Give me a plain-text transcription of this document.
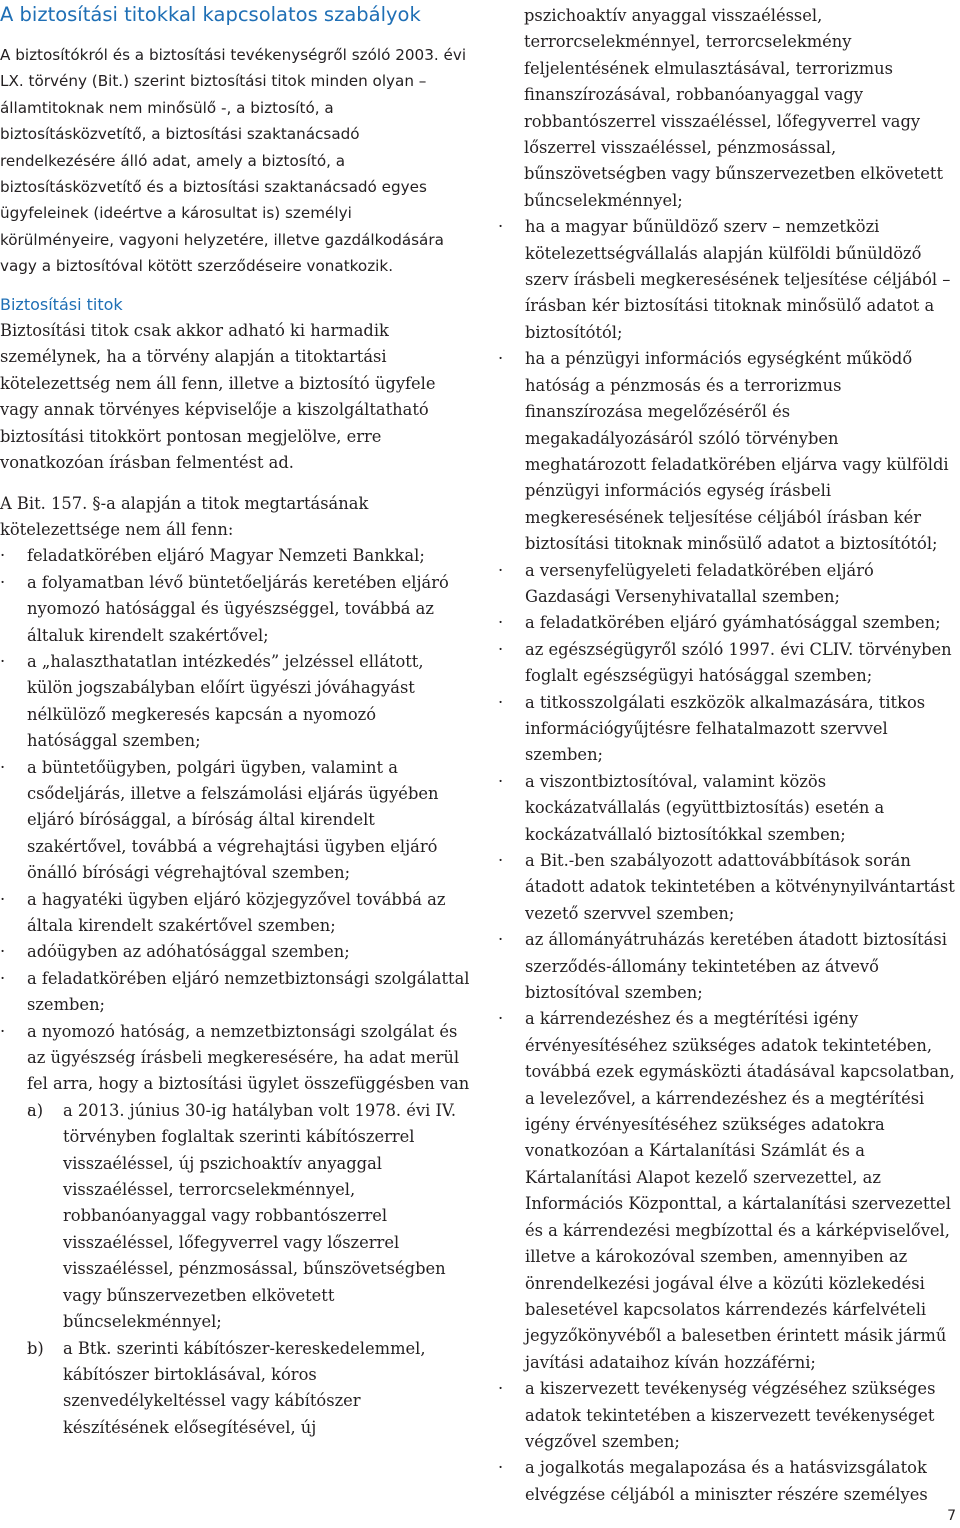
A biztosítási titokkal kapcsolatos szabályok

A biztosítókról és a biztosítási tevékenységről szóló 2003. évi LX. törvény (Bit.) szerint biztosítási titok minden olyan – államtitoknak nem minősülő -, a biztosító, a biztosításközvetítő, a biztosítási szaktanácsadó rendelkezésére álló adat, amely a biztosító, a biztosításközvetítő és a biztosítási szaktanácsadó egyes ügyfeleinek (ideértve a károsultat is) személyi körülményeire, vagyoni helyzetére, illetve gazdálkodására vagy a biztosítóval kötött szerződéseire vonatkozik.

Biztosítási titok

Biztosítási titok csak akkor adható ki harmadik személynek, ha a törvény alapján a titoktartási kötelezettség nem áll fenn, illetve a biztosító ügyfele vagy annak törvényes képviselője a kiszolgáltatható biztosítási titokkört pontosan megjelölve, erre vonatkozóan írásban felmentést ad.

A Bit. 157. §-a alapján a titok megtartásának kötelezettsége nem áll fenn:

· feladatkörében eljáró Magyar Nemzeti Bankkal;
· a folyamatban lévő büntetőeljárás keretében eljáró nyomozó hatósággal és ügyészséggel, továbbá az általuk kirendelt szakértővel;
· a „halaszthatatlan intézkedés” jelzéssel ellátott, külön jogszabályban előírt ügyészi jóváhagyást nélkülöző megkeresés kapcsán a nyomozó hatósággal szemben;
· a büntetőügyben, polgári ügyben, valamint a csődeljárás, illetve a felszámolási eljárás ügyében eljáró bírósággal, a bíróság által kirendelt szakértővel, továbbá a végrehajtási ügyben eljáró önálló bírósági végrehajtóval szemben;
· a hagyatéki ügyben eljáró közjegyzővel továbbá az általa kirendelt szakértővel szemben;
· adóügyben az adóhatósággal szemben;
· a feladatkörében eljáró nemzetbiztonsági szolgálattal szemben;
· a nyomozó hatóság, a nemzetbiztonsági szolgálat és az ügyészség írásbeli megkeresésére, ha adat merül fel arra, hogy a biztosítási ügylet összefüggésben van
· a) a 2013. június 30-ig hatályban volt 1978. évi IV. törvényben foglaltak szerinti kábítószerrel visszaéléssel, új pszichoaktív anyaggal visszaéléssel, terrorcselekménnyel, robbanóanyaggal vagy robbantószerrel visszaéléssel, lőfegyverrel vagy lőszerrel visszaéléssel, pénzmosással, bűnszövetségben vagy bűnszervezetben elkövetett bűncselekménnyel;
· b) a Btk. szerinti kábítószer-kereskedelemmel, kábítószer birtoklásával, kóros szenvedélykeltéssel vagy kábítószer készítésének elősegítésével, új

pszichoaktív anyaggal visszaéléssel, terrorcselekménnyel, terrorcselekmény feljelentésének elmulasztásával, terrorizmus finanszírozásával, robbanóanyaggal vagy robbantószerrel visszaéléssel, lőfegyverrel vagy lőszerrel visszaéléssel, pénzmosással, bűnszövetségben vagy bűnszervezetben elkövetett bűncselekménnyel;

· ha a magyar bűnüldöző szerv – nemzetközi kötelezettségvállalás alapján külföldi bűnüldöző szerv írásbeli megkeresésének teljesítése céljából – írásban kér biztosítási titoknak minősülő adatot a biztosítótól;
· ha a pénzügyi információs egységként működő hatóság a pénzmosás és a terrorizmus finanszírozása megelőzéséről és megakadályozásáról szóló törvényben meghatározott feladatkörében eljárva vagy külföldi pénzügyi információs egység írásbeli megkeresésének teljesítése céljából írásban kér biztosítási titoknak minősülő adatot a biztosítótól;
· a versenyfelügyeleti feladatkörében eljáró Gazdasági Versenyhivatallal szemben;
· a feladatkörében eljáró gyámhatósággal szemben;
· az egészségügyről szóló 1997. évi CLIV. törvényben foglalt egészségügyi hatósággal szemben;
· a titkosszolgálati eszközök alkalmazására, titkos információgyűjtésre felhatalmazott szervvel szemben;
· a viszontbiztosítóval, valamint közös kockázatvállalás (együttbiztosítás) esetén a kockázatvállaló biztosítókkal szemben;
· a Bit.-ben szabályozott adattovábbítások során átadott adatok tekintetében a kötvénynyilvántartást vezető szervvel szemben;
· az állományátruházás keretében átadott biztosítási szerződés-állomány tekintetében az átvevő biztosítóval szemben;
· a kárrendezéshez és a megtérítési igény érvényesítéséhez szükséges adatok tekintetében, továbbá ezek egymásközti átadásával kapcsolatban, a levelezővel, a kárrendezéshez és a megtérítési igény érvényesítéséhez szükséges adatokra vonatkozóan a Kártalanítási Számlát és a Kártalanítási Alapot kezelő szervezettel, az Információs Központtal, a kártalanítási szervezettel és a kárrendezési megbízottal és a kárképviselővel, illetve a károkozóval szemben, amennyiben az önrendelkezési jogával élve a közúti közlekedési balesetével kapcsolatos kárrendezés kárfelvételi jegyzőkönyvéből a balesetben érintett másik jármű javítási adataihoz kíván hozzáférni;
· a kiszervezett tevékenység végzéséhez szükséges adatok tekintetében a kiszervezett tevékenységet végzővel szemben;
· a jogalkotás megalapozása és a hatásvizsgálatok elvégzése céljából a miniszter részére személyes
7
